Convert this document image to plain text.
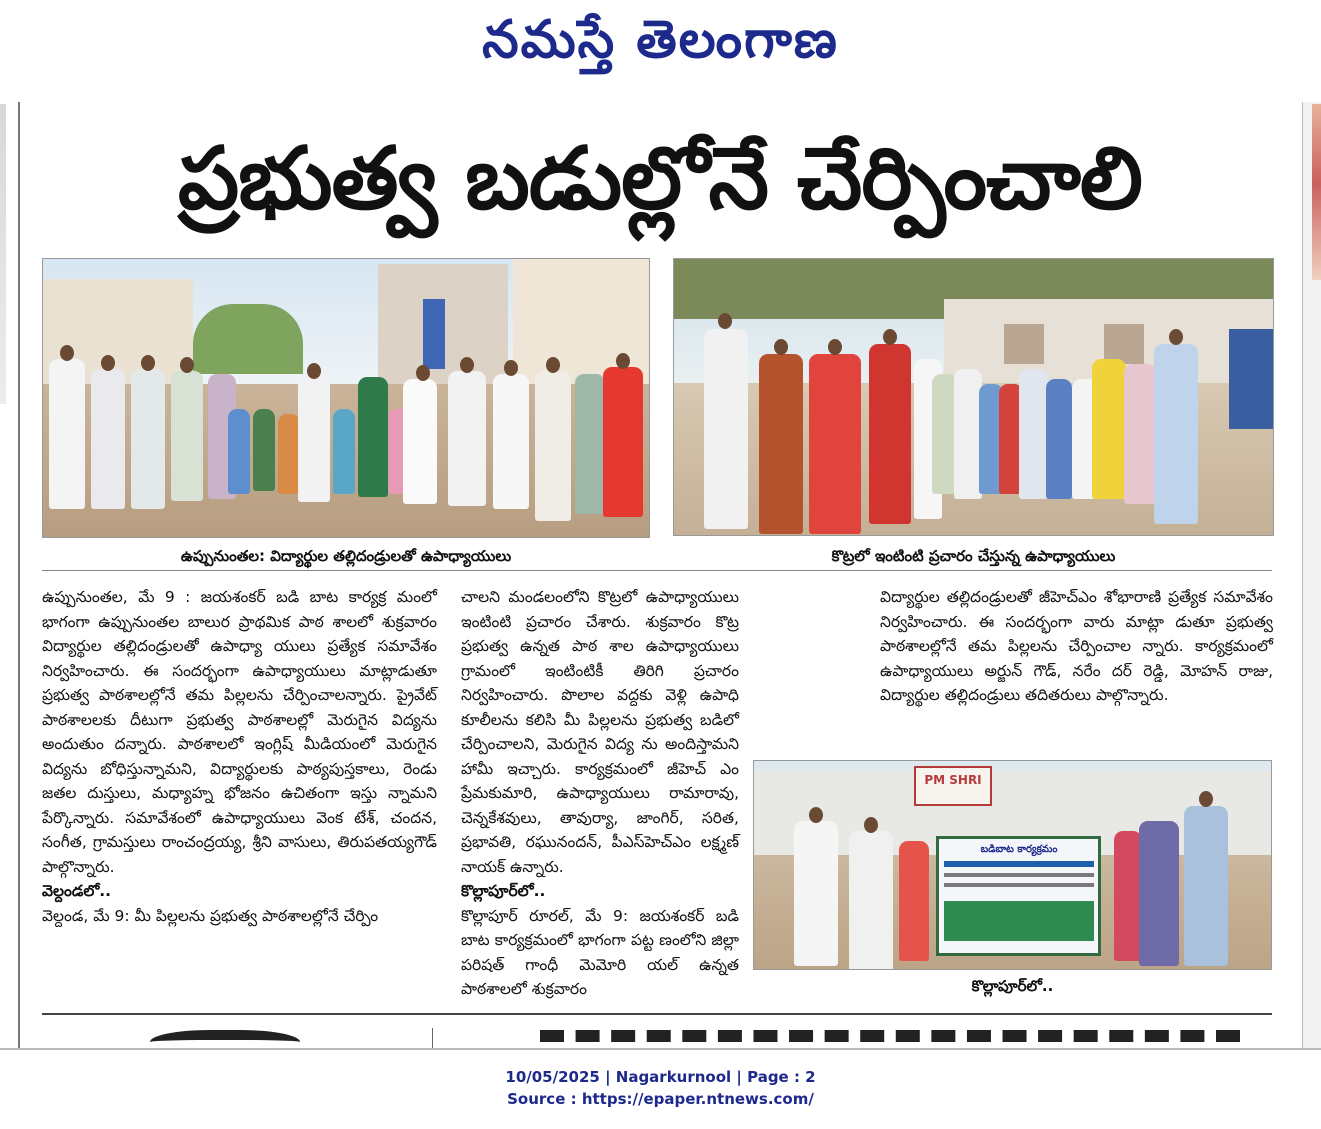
నమస్తే తెలంగాణ
ప్రభుత్వ బడుల్లోనే చేర్పించాలి
ఉప్పునుంతల: విద్యార్థుల తల్లిదండ్రులతో ఉపాధ్యాయులు	కొట్రలో ఇంటింటి ప్రచారం చేస్తున్న ఉపాధ్యాయులు

ఉప్పునుంతల, మే 9 : జయశంకర్ బడి బాట కార్యక్ర మంలో భాగంగా ఉప్పునుంతల బాలుర ప్రాథమిక పాఠ శాలలో శుక్రవారం విద్యార్థుల తల్లిదండ్రులతో ఉపాధ్యా యులు ప్రత్యేక సమావేశం నిర్వహించారు. ఈ సందర్భంగా ఉపాధ్యాయులు మాట్లాడుతూ ప్రభుత్వ పాఠశాలల్లోనే తమ పిల్లలను చేర్పించాలన్నారు. ప్రైవేట్ పాఠశాలలకు దీటుగా ప్రభుత్వ పాఠశాలల్లో మెరుగైన విద్యను అందుతుం దన్నారు. పాఠశాలలో ఇంగ్లిష్ మీడియంలో మెరుగైన విద్యను బోధిస్తున్నామని, విద్యార్థులకు పాఠ్యపుస్తకాలు, రెండు జతల దుస్తులు, మధ్యాహ్న భోజనం ఉచితంగా ఇస్తు న్నామని పేర్కొన్నారు. సమావేశంలో ఉపాధ్యాయులు వెంక టేశ్, చందన, సంగీత, గ్రామస్తులు రాంచంద్రయ్య, శ్రీని వాసులు, తిరుపతయ్యగౌడ్ పాల్గొన్నారు.

వెల్దండలో..

వెల్దండ, మే 9: మీ పిల్లలను ప్రభుత్వ పాఠశాలల్లోనే చేర్పిం

చాలని మండలంలోని కొట్రలో ఉపాధ్యాయులు ఇంటింటి ప్రచారం చేశారు. శుక్రవారం కొట్ర ప్రభుత్వ ఉన్నత పాఠ శాల ఉపాధ్యాయులు గ్రామంలో ఇంటింటికీ తిరిగి ప్రచారం నిర్వహించారు. పొలాల వద్దకు వెళ్లి ఉపాధి కూలీలను కలిసి మీ పిల్లలను ప్రభుత్వ బడిలో చేర్పించాలని, మెరుగైన విద్య ను అందిస్తామని హామీ ఇచ్చారు. కార్యక్రమంలో జీహెచ్ ఎం ప్రేమకుమారి, ఉపాధ్యాయులు రామారావు, చెన్నకేశవులు, తావుర్యా, జాంగిర్, సరిత, ప్రభావతి, రఘునందన్, పీఎస్‌హెచ్ఎం లక్ష్మణ్ నాయక్ ఉన్నారు.

కొల్లాపూర్‌లో..

కొల్లాపూర్ రూరల్, మే 9: జయశంకర్ బడి బాట కార్యక్రమంలో భాగంగా పట్ట ణంలోని జిల్లా పరిషత్ గాంధీ మెమోరి యల్ ఉన్నత పాఠశాలలో శుక్రవారం

విద్యార్థుల తల్లిదండ్రులతో జీహెచ్ఎం శోభారాణి ప్రత్యేక సమావేశం నిర్వహించారు. ఈ సందర్భంగా వారు మాట్లా డుతూ ప్రభుత్వ పాఠశాలల్లోనే తమ పిల్లలను చేర్పించాల న్నారు. కార్యక్రమంలో ఉపాధ్యాయులు అర్జున్ గౌడ్, నరేం దర్ రెడ్డి, మోహన్ రాజు, విద్యార్థుల తల్లిదండ్రులు తదితరులు పాల్గొన్నారు.

PM SHRI
బడిబాట కార్యక్రమం
కొల్లాపూర్‌లో..
10/05/2025 | Nagarkurnool | Page : 2
Source : https://epaper.ntnews.com/
